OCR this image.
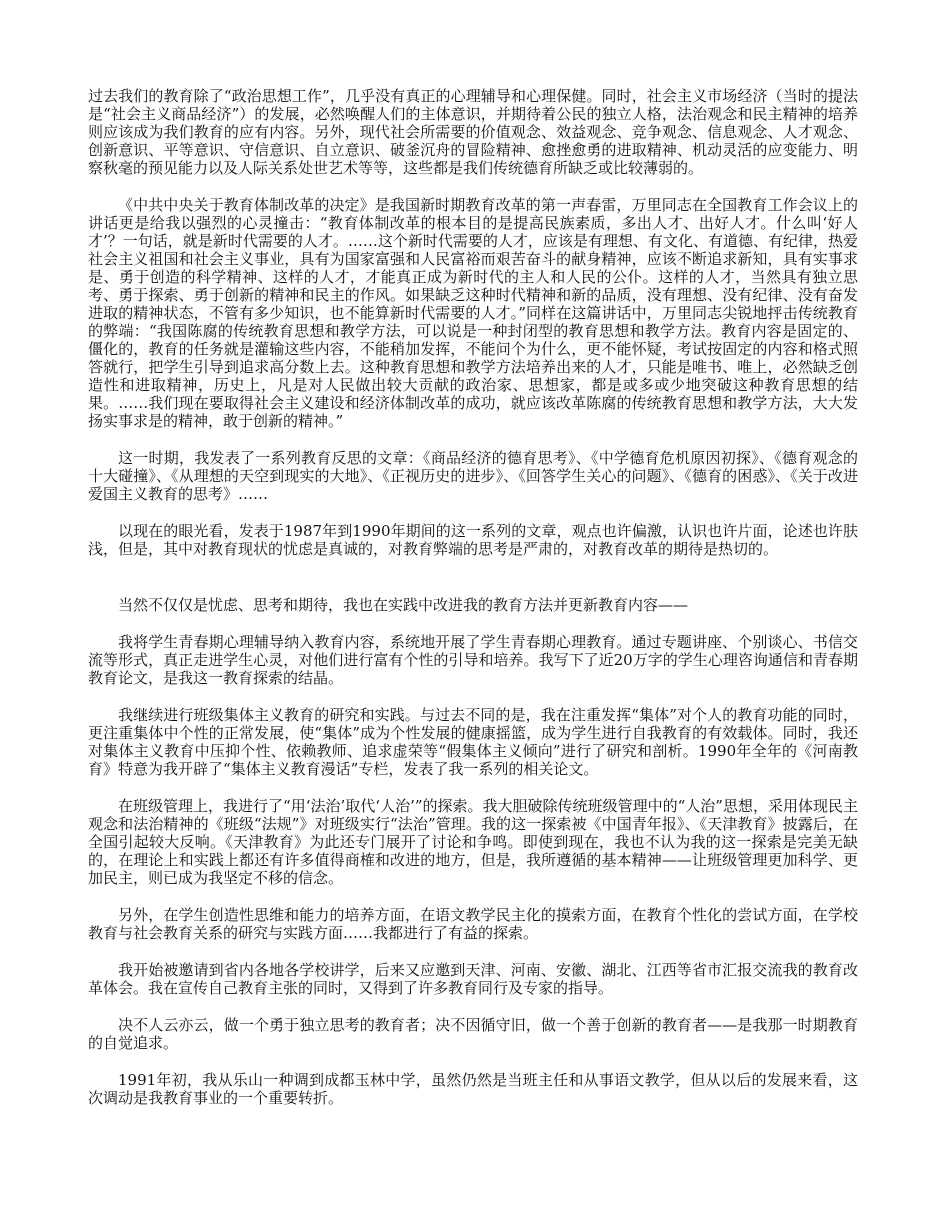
过去我们的教育除了“政治思想工作”，几乎没有真正的心理辅导和心理保健。同时，社会主义市场经济（当时的提法是“社会主义商品经济”）的发展，必然唤醒人们的主体意识，并期待着公民的独立人格，法治观念和民主精神的培养则应该成为我们教育的应有内容。另外，现代社会所需要的价值观念、效益观念、竞争观念、信息观念、人才观念、创新意识、平等意识、守信意识、自立意识、破釜沉舟的冒险精神、愈挫愈勇的进取精神、机动灵活的应变能力、明察秋毫的预见能力以及人际关系处世艺术等等，这些都是我们传统德育所缺乏或比较薄弱的。

《中共中央关于教育体制改革的决定》是我国新时期教育改革的第一声春雷，万里同志在全国教育工作会议上的讲话更是给我以强烈的心灵撞击：“教育体制改革的根本目的是提高民族素质，多出人才、出好人才。什么叫‘好人才’？一句话，就是新时代需要的人才。……这个新时代需要的人才，应该是有理想、有文化、有道德、有纪律，热爱社会主义祖国和社会主义事业，具有为国家富强和人民富裕而艰苦奋斗的献身精神，应该不断追求新知，具有实事求是、勇于创造的科学精神、这样的人才，才能真正成为新时代的主人和人民的公仆。这样的人才，当然具有独立思考、勇于探索、勇于创新的精神和民主的作风。如果缺乏这种时代精神和新的品质，没有理想、没有纪律、没有奋发进取的精神状态，不管有多少知识，也不能算新时代需要的人才。”同样在这篇讲话中，万里同志尖锐地抨击传统教育的弊端：“我国陈腐的传统教育思想和教学方法，可以说是一种封闭型的教育思想和教学方法。教育内容是固定的、僵化的，教育的任务就是灌输这些内容，不能稍加发挥，不能问个为什么，更不能怀疑，考试按固定的内容和格式照答就行，把学生引导到追求高分数上去。这种教育思想和教学方法培养出来的人才，只能是唯书、唯上，必然缺乏创造性和进取精神，历史上，凡是对人民做出较大贡献的政治家、思想家，都是或多或少地突破这种教育思想的结果。……我们现在要取得社会主义建设和经济体制改革的成功，就应该改革陈腐的传统教育思想和教学方法，大大发扬实事求是的精神，敢于创新的精神。”

这一时期，我发表了一系列教育反思的文章：《商品经济的德育思考》、《中学德育危机原因初探》、《德育观念的十大碰撞》、《从理想的天空到现实的大地》、《正视历史的进步》、《回答学生关心的问题》、《德育的困惑》、《关于改进爱国主义教育的思考》……

以现在的眼光看，发表于1987年到1990年期间的这一系列的文章，观点也许偏激，认识也许片面，论述也许肤浅，但是，其中对教育现状的忧虑是真诚的，对教育弊端的思考是严肃的，对教育改革的期待是热切的。

当然不仅仅是忧虑、思考和期待，我也在实践中改进我的教育方法并更新教育内容——

我将学生青春期心理辅导纳入教育内容，系统地开展了学生青春期心理教育。通过专题讲座、个别谈心、书信交流等形式，真正走进学生心灵，对他们进行富有个性的引导和培养。我写下了近20万字的学生心理咨询通信和青春期教育论文，是我这一教育探索的结晶。

我继续进行班级集体主义教育的研究和实践。与过去不同的是，我在注重发挥“集体”对个人的教育功能的同时，更注重集体中个性的正常发展，使“集体”成为个性发展的健康摇篮，成为学生进行自我教育的有效载体。同时，我还对集体主义教育中压抑个性、依赖教师、追求虚荣等“假集体主义倾向”进行了研究和剖析。1990年全年的《河南教育》特意为我开辟了“集体主义教育漫话”专栏，发表了我一系列的相关论文。

在班级管理上，我进行了“用‘法治’取代‘人治’”的探索。我大胆破除传统班级管理中的“人治”思想，采用体现民主观念和法治精神的《班级“法规”》对班级实行“法治”管理。我的这一探索被《中国青年报》、《天津教育》披露后，在全国引起较大反响。《天津教育》为此还专门展开了讨论和争鸣。即使到现在，我也不认为我的这一探索是完美无缺的，在理论上和实践上都还有许多值得商榷和改进的地方，但是，我所遵循的基本精神——让班级管理更加科学、更加民主，则已成为我坚定不移的信念。

另外，在学生创造性思维和能力的培养方面，在语文教学民主化的摸索方面，在教育个性化的尝试方面，在学校教育与社会教育关系的研究与实践方面……我都进行了有益的探索。

我开始被邀请到省内各地各学校讲学，后来又应邀到天津、河南、安徽、湖北、江西等省市汇报交流我的教育改革体会。我在宣传自己教育主张的同时，又得到了许多教育同行及专家的指导。

决不人云亦云，做一个勇于独立思考的教育者；决不因循守旧，做一个善于创新的教育者——是我那一时期教育的自觉追求。

1991年初，我从乐山一种调到成都玉林中学，虽然仍然是当班主任和从事语文教学，但从以后的发展来看，这次调动是我教育事业的一个重要转折。
